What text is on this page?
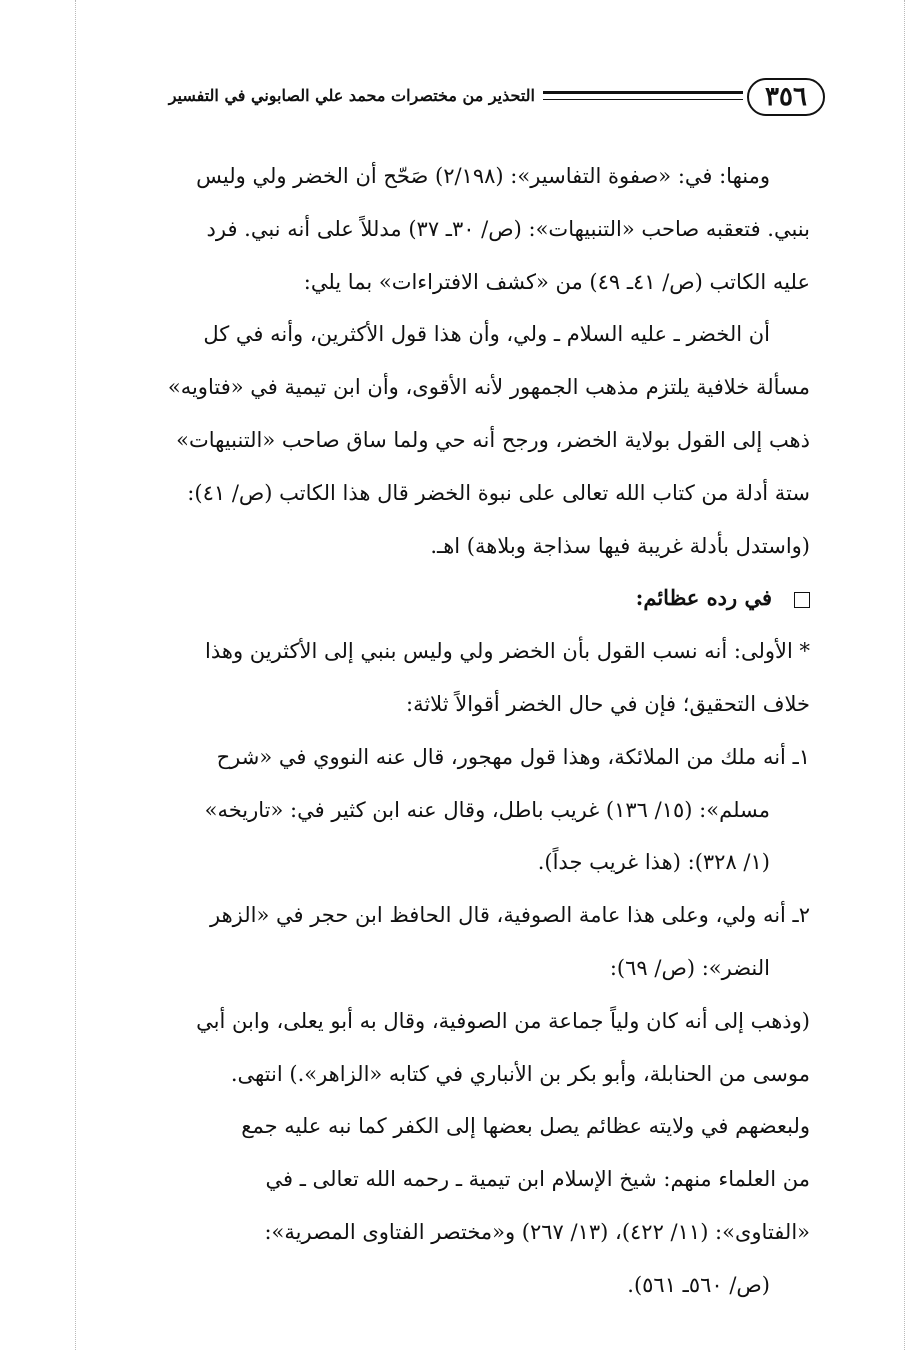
٣٥٦
التحذير من مختصرات محمد علي الصابوني في التفسير
ومنها: في: «صفوة التفاسير»: (٢/١٩٨) صَحّح أن الخضر ولي وليس
بنبي. فتعقبه صاحب «التنبيهات»: (ص/ ٣٠ـ ٣٧) مدللاً على أنه نبي. فرد
عليه الكاتب (ص/ ٤١ـ ٤٩) من «كشف الافتراءات» بما يلي:
أن الخضر ـ عليه السلام ـ ولي، وأن هذا قول الأكثرين، وأنه في كل
مسألة خلافية يلتزم مذهب الجمهور لأنه الأقوى، وأن ابن تيمية في «فتاويه»
ذهب إلى القول بولاية الخضر، ورجح أنه حي ولما ساق صاحب «التنبيهات»
ستة أدلة من كتاب الله تعالى على نبوة الخضر قال هذا الكاتب (ص/ ٤١):
(واستدل بأدلة غريبة فيها سذاجة وبلاهة) اهـ.
في رده عظائم:
* الأولى: أنه نسب القول بأن الخضر ولي وليس بنبي إلى الأكثرين وهذا
خلاف التحقيق؛ فإن في حال الخضر أقوالاً ثلاثة:
١ـ أنه ملك من الملائكة، وهذا قول مهجور، قال عنه النووي في «شرح
مسلم»: (١٥/ ١٣٦) غريب باطل، وقال عنه ابن كثير في: «تاريخه»
(١/ ٣٢٨): (هذا غريب جداً).
٢ـ أنه ولي، وعلى هذا عامة الصوفية، قال الحافظ ابن حجر في «الزهر
النضر»: (ص/ ٦٩):
(وذهب إلى أنه كان ولياً جماعة من الصوفية، وقال به أبو يعلى، وابن أبي
موسى من الحنابلة، وأبو بكر بن الأنباري في كتابه «الزاهر».) انتهى.
ولبعضهم في ولايته عظائم يصل بعضها إلى الكفر كما نبه عليه جمع
من العلماء منهم: شيخ الإسلام ابن تيمية ـ رحمه الله تعالى ـ في
«الفتاوى»: (١١/ ٤٢٢)، (١٣/ ٢٦٧) و«مختصر الفتاوى المصرية»:
(ص/ ٥٦٠ـ ٥٦١).
